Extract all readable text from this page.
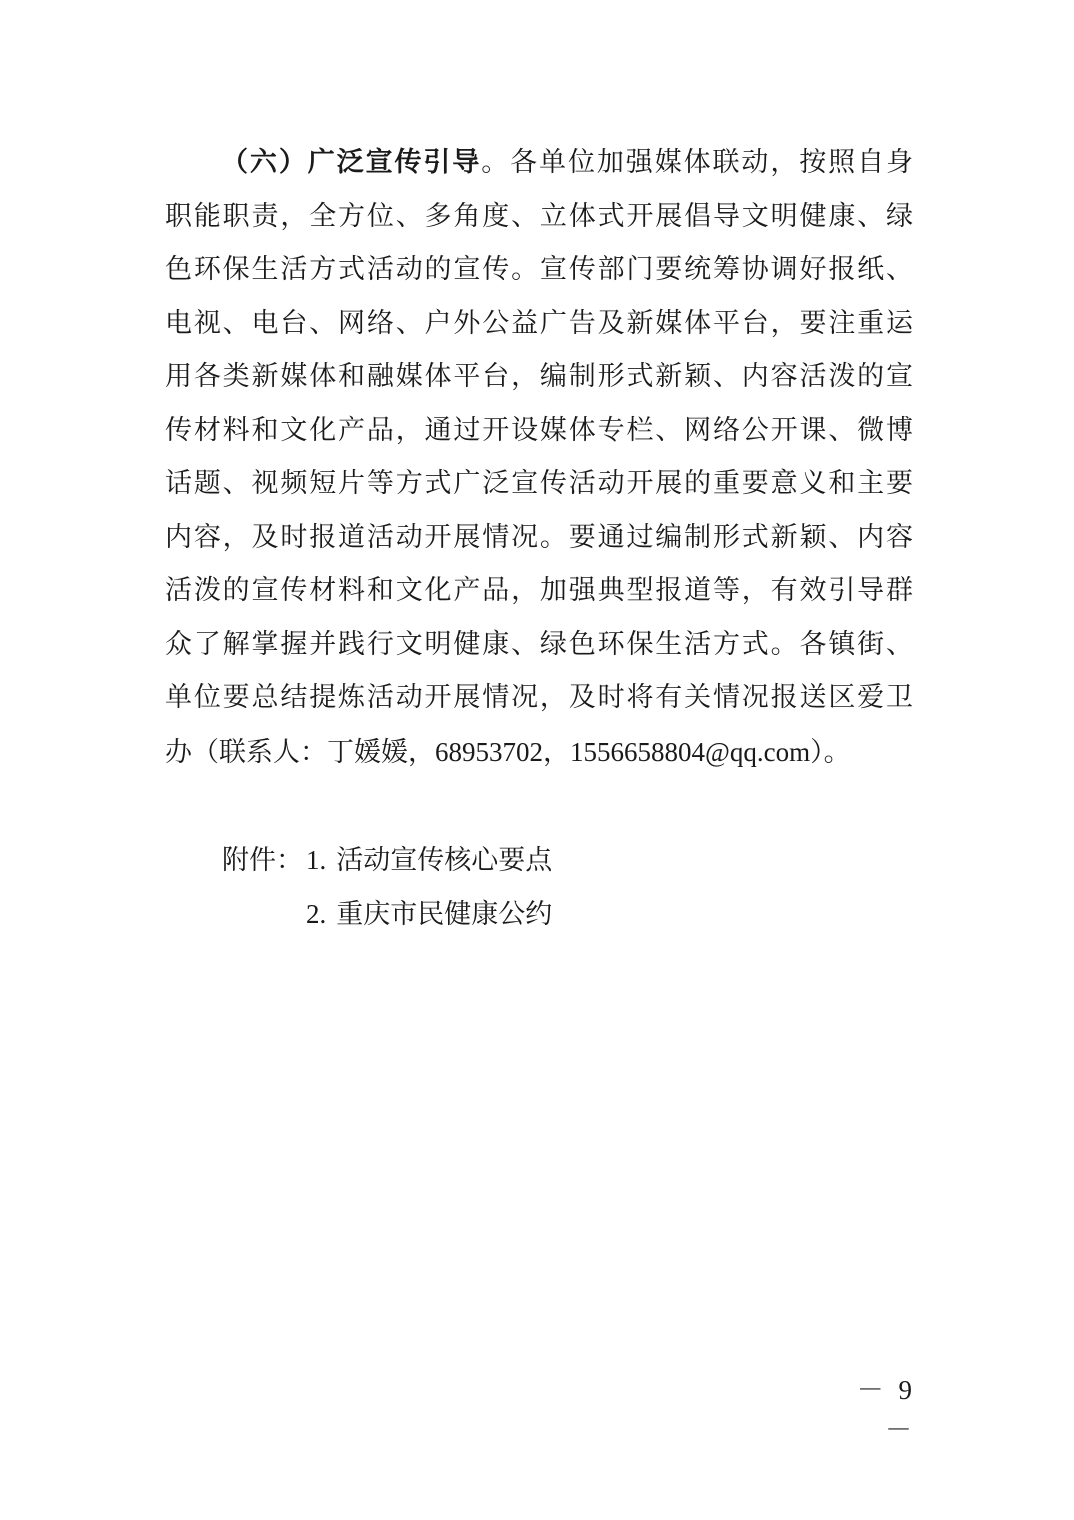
（六）广泛宣传引导。各单位加强媒体联动，按照自身
职能职责，全方位、多角度、立体式开展倡导文明健康、绿
色环保生活方式活动的宣传。宣传部门要统筹协调好报纸、
电视、电台、网络、户外公益广告及新媒体平台，要注重运
用各类新媒体和融媒体平台，编制形式新颖、内容活泼的宣
传材料和文化产品，通过开设媒体专栏、网络公开课、微博
话题、视频短片等方式广泛宣传活动开展的重要意义和主要
内容，及时报道活动开展情况。要通过编制形式新颖、内容
活泼的宣传材料和文化产品，加强典型报道等，有效引导群
众了解掌握并践行文明健康、绿色环保生活方式。各镇街、
单位要总结提炼活动开展情况，及时将有关情况报送区爱卫
办（联系人：丁媛媛，68953702，1556658804@qq.com）。
附件： 1. 活动宣传核心要点
2. 重庆市民健康公约
－ 9 －
